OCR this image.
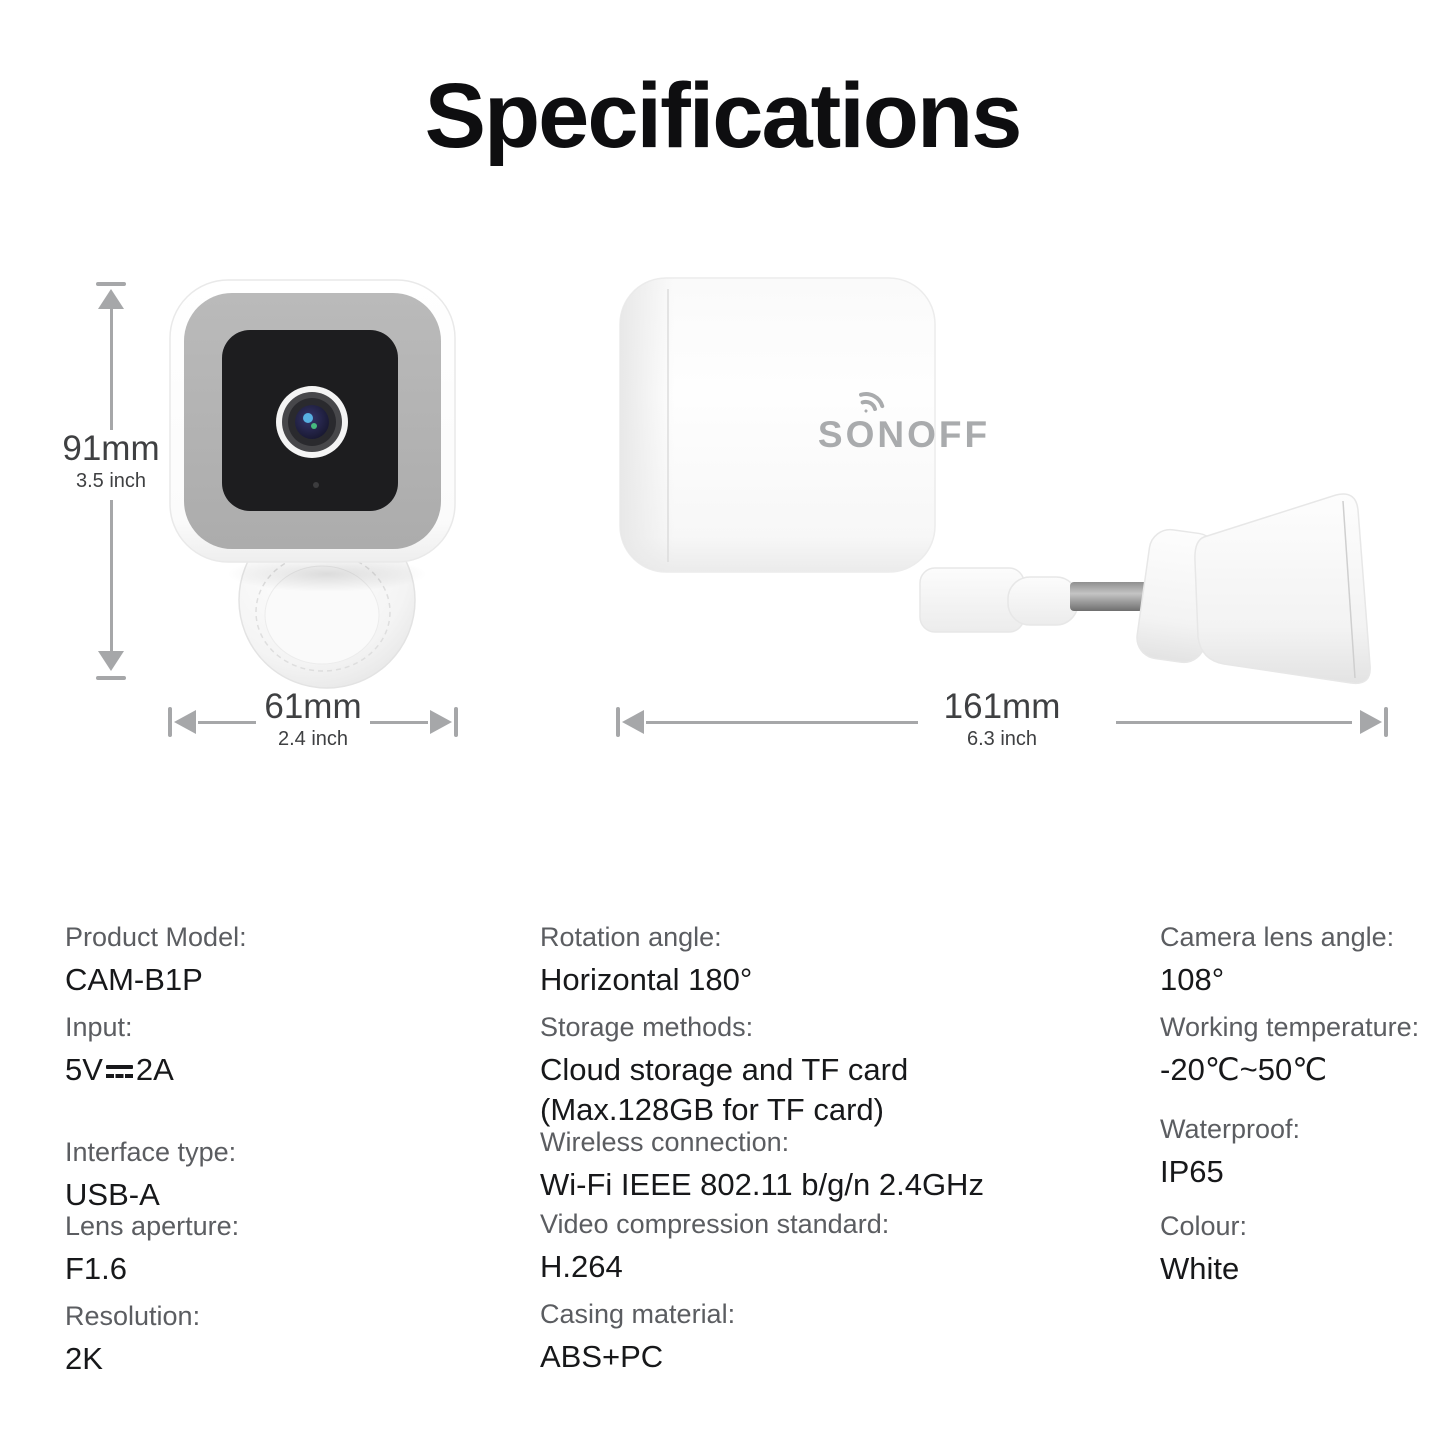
Specifications
91mm
3.5 inch
61mm
2.4 inch
SONOFF
161mm
6.3 inch
Product Model:
CAM-B1P
Input:
5V 2A
Interface type:
USB-A
Lens aperture:
F1.6
Resolution:
2K
Rotation angle:
Horizontal 180°
Storage methods:
Cloud storage and TF card
(Max.128GB for TF card)
Wireless connection:
Wi-Fi IEEE 802.11 b/g/n 2.4GHz
Video compression standard:
H.264
Casing material:
ABS+PC
Camera lens angle:
108°
Working temperature:
-20℃~50℃
Waterproof:
IP65
Colour:
White
